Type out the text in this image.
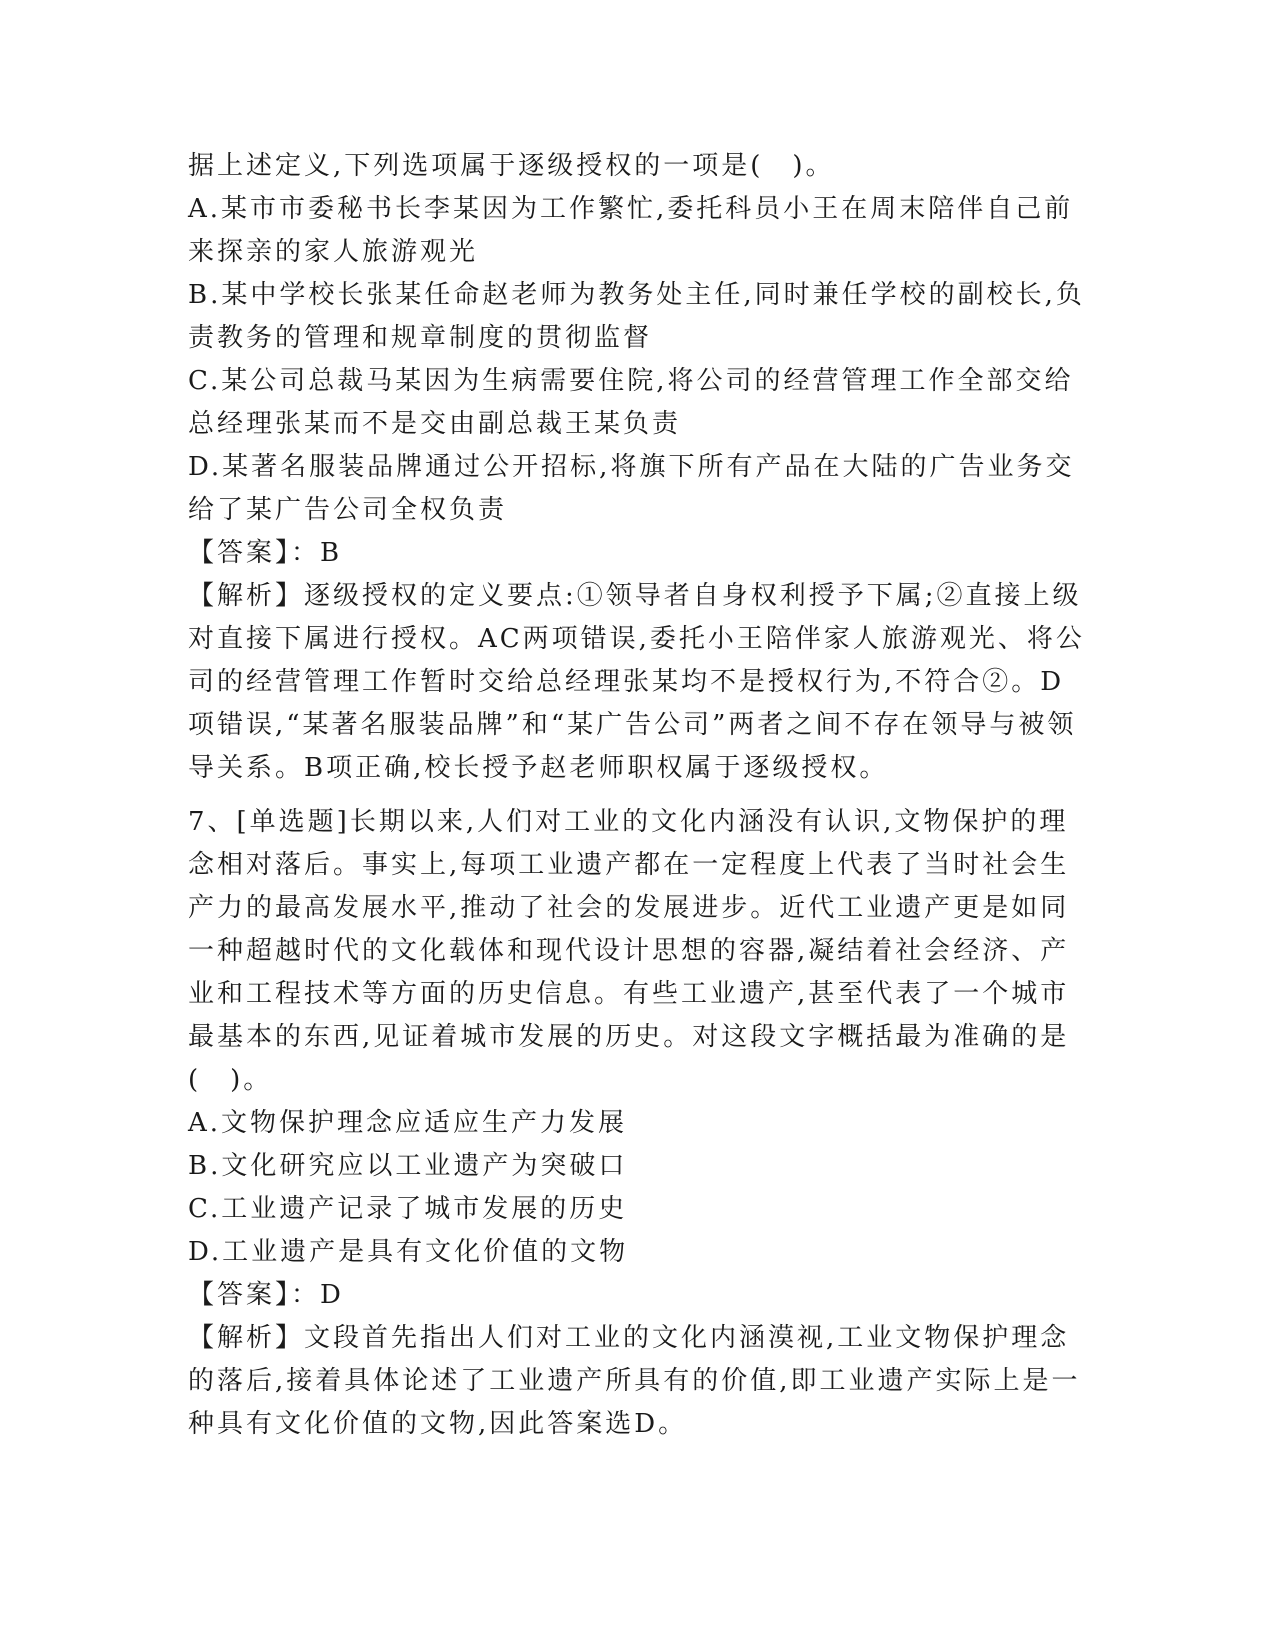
据上述定义,下列选项属于逐级授权的一项是(　)。

A.某市市委秘书长李某因为工作繁忙,委托科员小王在周末陪伴自己前来探亲的家人旅游观光

B.某中学校长张某任命赵老师为教务处主任,同时兼任学校的副校长,负责教务的管理和规章制度的贯彻监督

C.某公司总裁马某因为生病需要住院,将公司的经营管理工作全部交给总经理张某而不是交由副总裁王某负责

D.某著名服装品牌通过公开招标,将旗下所有产品在大陆的广告业务交给了某广告公司全权负责

【答案】：B

【解析】逐级授权的定义要点:①领导者自身权利授予下属;②直接上级对直接下属进行授权。AC两项错误,委托小王陪伴家人旅游观光、将公司的经营管理工作暂时交给总经理张某均不是授权行为,不符合②。D项错误,“某著名服装品牌”和“某广告公司”两者之间不存在领导与被领导关系。B项正确,校长授予赵老师职权属于逐级授权。

7、[单选题]长期以来,人们对工业的文化内涵没有认识,文物保护的理念相对落后。事实上,每项工业遗产都在一定程度上代表了当时社会生产力的最高发展水平,推动了社会的发展进步。近代工业遗产更是如同一种超越时代的文化载体和现代设计思想的容器,凝结着社会经济、产业和工程技术等方面的历史信息。有些工业遗产,甚至代表了一个城市最基本的东西,见证着城市发展的历史。对这段文字概括最为准确的是(　)。

A.文物保护理念应适应生产力发展

B.文化研究应以工业遗产为突破口

C.工业遗产记录了城市发展的历史

D.工业遗产是具有文化价值的文物

【答案】：D

【解析】文段首先指出人们对工业的文化内涵漠视,工业文物保护理念的落后,接着具体论述了工业遗产所具有的价值,即工业遗产实际上是一种具有文化价值的文物,因此答案选D。
